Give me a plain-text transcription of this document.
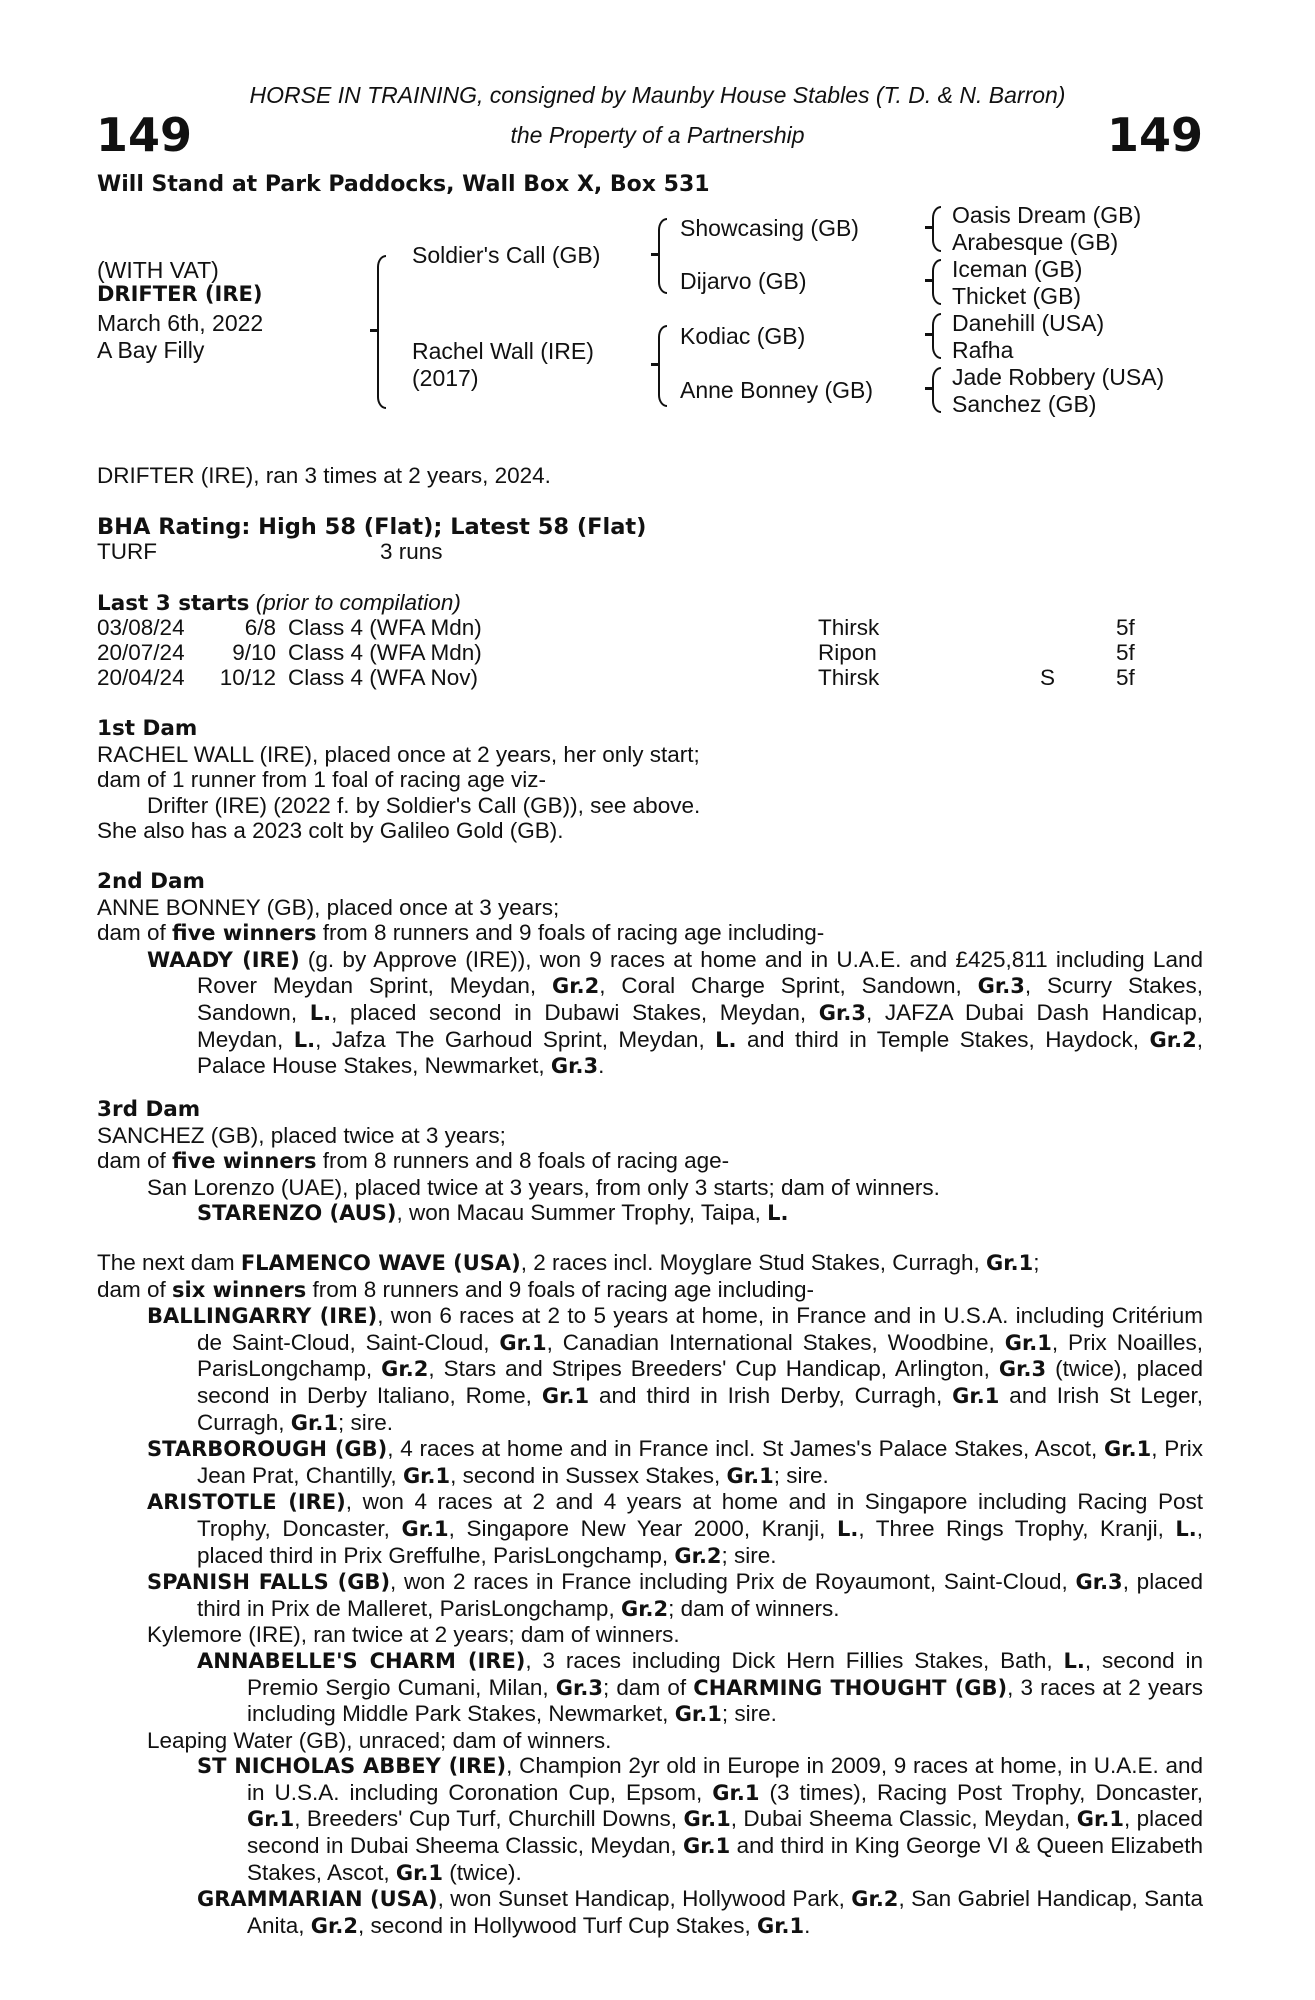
HORSE IN TRAINING, consigned by Maunby House Stables (T. D. & N. Barron)
the Property of a Partnership
149	149
Will Stand at Park Paddocks, Wall Box X, Box 531
(WITH VAT)
DRIFTER (IRE)
March 6th, 2022
A Bay Filly
Soldier's Call (GB)
Rachel Wall (IRE)
(2017)
Showcasing (GB)
Dijarvo (GB)
Kodiac (GB)
Anne Bonney (GB)
Oasis Dream (GB)
Arabesque (GB)
Iceman (GB)
Thicket (GB)
Danehill (USA)
Rafha
Jade Robbery (USA)
Sanchez (GB)
DRIFTER (IRE), ran 3 times at 2 years, 2024.
BHA Rating: High 58 (Flat); Latest 58 (Flat)
TURF	3 runs
Last 3 starts (prior to compilation)
03/08/24	6/8 Class 4 (WFA Mdn)	Thirsk	5f
20/07/24	9/10 Class 4 (WFA Mdn)	Ripon	5f
20/04/24	10/12 Class 4 (WFA Nov)	Thirsk	S	5f
1st Dam
RACHEL WALL (IRE), placed once at 2 years, her only start;
dam of 1 runner from 1 foal of racing age viz-
Drifter (IRE) (2022 f. by Soldier's Call (GB)), see above.
She also has a 2023 colt by Galileo Gold (GB).
2nd Dam
ANNE BONNEY (GB), placed once at 3 years;
dam of five winners from 8 runners and 9 foals of racing age including-
WAADY (IRE) (g. by Approve (IRE)), won 9 races at home and in U.A.E. and £425,811 including Land Rover Meydan Sprint, Meydan, Gr.2, Coral Charge Sprint, Sandown, Gr.3, Scurry Stakes, Sandown, L., placed second in Dubawi Stakes, Meydan, Gr.3, JAFZA Dubai Dash Handicap, Meydan, L., Jafza The Garhoud Sprint, Meydan, L. and third in Temple Stakes, Haydock, Gr.2, Palace House Stakes, Newmarket, Gr.3.
3rd Dam
SANCHEZ (GB), placed twice at 3 years;
dam of five winners from 8 runners and 8 foals of racing age-
San Lorenzo (UAE), placed twice at 3 years, from only 3 starts; dam of winners.
STARENZO (AUS), won Macau Summer Trophy, Taipa, L.
The next dam FLAMENCO WAVE (USA), 2 races incl. Moyglare Stud Stakes, Curragh, Gr.1;
dam of six winners from 8 runners and 9 foals of racing age including-
BALLINGARRY (IRE), won 6 races at 2 to 5 years at home, in France and in U.S.A. including Critérium de Saint-Cloud, Saint-Cloud, Gr.1, Canadian International Stakes, Woodbine, Gr.1, Prix Noailles, ParisLongchamp, Gr.2, Stars and Stripes Breeders' Cup Handicap, Arlington, Gr.3 (twice), placed second in Derby Italiano, Rome, Gr.1 and third in Irish Derby, Curragh, Gr.1 and Irish St Leger, Curragh, Gr.1; sire.
STARBOROUGH (GB), 4 races at home and in France incl. St James's Palace Stakes, Ascot, Gr.1, Prix Jean Prat, Chantilly, Gr.1, second in Sussex Stakes, Gr.1; sire.
ARISTOTLE (IRE), won 4 races at 2 and 4 years at home and in Singapore including Racing Post Trophy, Doncaster, Gr.1, Singapore New Year 2000, Kranji, L., Three Rings Trophy, Kranji, L., placed third in Prix Greffulhe, ParisLongchamp, Gr.2; sire.
SPANISH FALLS (GB), won 2 races in France including Prix de Royaumont, Saint-Cloud, Gr.3, placed third in Prix de Malleret, ParisLongchamp, Gr.2; dam of winners.
Kylemore (IRE), ran twice at 2 years; dam of winners.
ANNABELLE'S CHARM (IRE), 3 races including Dick Hern Fillies Stakes, Bath, L., second in Premio Sergio Cumani, Milan, Gr.3; dam of CHARMING THOUGHT (GB), 3 races at 2 years including Middle Park Stakes, Newmarket, Gr.1; sire.
Leaping Water (GB), unraced; dam of winners.
ST NICHOLAS ABBEY (IRE), Champion 2yr old in Europe in 2009, 9 races at home, in U.A.E. and in U.S.A. including Coronation Cup, Epsom, Gr.1 (3 times), Racing Post Trophy, Doncaster, Gr.1, Breeders' Cup Turf, Churchill Downs, Gr.1, Dubai Sheema Classic, Meydan, Gr.1, placed second in Dubai Sheema Classic, Meydan, Gr.1 and third in King George VI & Queen Elizabeth Stakes, Ascot, Gr.1 (twice).
GRAMMARIAN (USA), won Sunset Handicap, Hollywood Park, Gr.2, San Gabriel Handicap, Santa Anita, Gr.2, second in Hollywood Turf Cup Stakes, Gr.1.
